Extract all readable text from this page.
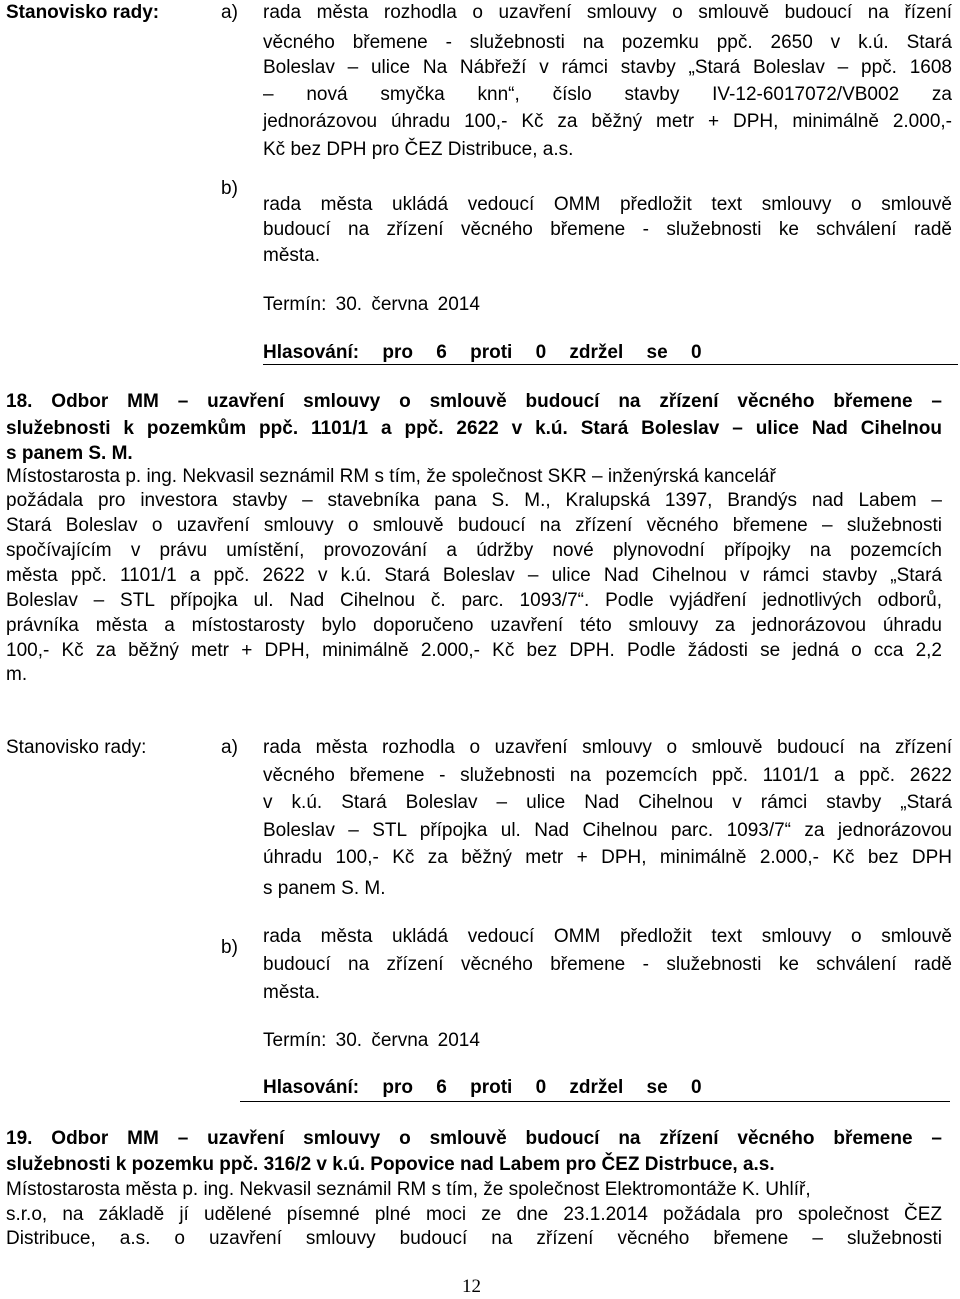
Stanovisko rady:	a) rada města rozhodla o uzavření smlouvy o smlouvě budoucí na řízení
věcného břemene - služebnosti na pozemku ppč. 2650 v k.ú. Stará
Boleslav – ulice Na Nábřeží v rámci stavby „Stará Boleslav – ppč. 1608
– nová smyčka knn“, číslo stavby IV-12-6017072/VB002 za
jednorázovou úhradu 100,- Kč za běžný metr + DPH, minimálně 2.000,-
Kč bez DPH pro ČEZ Distribuce, a.s.
b)
rada města ukládá vedoucí OMM předložit text smlouvy o smlouvě
budoucí na zřízení věcného břemene - služebnosti ke schválení radě
města.
Termín: 30. června 2014
Hlasování: pro 6 proti 0 zdržel se 0
18. Odbor MM – uzavření smlouvy o smlouvě budoucí na zřízení věcného břemene –
služebnosti k pozemkům ppč. 1101/1 a ppč. 2622 v k.ú. Stará Boleslav – ulice Nad Cihelnou
s panem S. M.
Místostarosta p. ing. Nekvasil seznámil RM s tím, že společnost SKR – inženýrská kancelář
požádala pro investora stavby – stavebníka pana S. M., Kralupská 1397, Brandýs nad Labem –
Stará Boleslav o uzavření smlouvy o smlouvě budoucí na zřízení věcného břemene – služebnosti
spočívajícím v právu umístění, provozování a údržby nové plynovodní přípojky na pozemcích
města ppč. 1101/1 a ppč. 2622 v k.ú. Stará Boleslav – ulice Nad Cihelnou v rámci stavby „Stará
Boleslav – STL přípojka ul. Nad Cihelnou č. parc. 1093/7“. Podle vyjádření jednotlivých odborů,
právníka města a místostarosty bylo doporučeno uzavření této smlouvy za jednorázovou úhradu
100,- Kč za běžný metr + DPH, minimálně 2.000,- Kč bez DPH. Podle žádosti se jedná o cca 2,2
m.
Stanovisko rady:	a) rada města rozhodla o uzavření smlouvy o smlouvě budoucí na zřízení
věcného břemene - služebnosti na pozemcích ppč. 1101/1 a ppč. 2622
v k.ú. Stará Boleslav – ulice Nad Cihelnou v rámci stavby „Stará
Boleslav – STL přípojka ul. Nad Cihelnou parc. 1093/7“ za jednorázovou
úhradu 100,- Kč za běžný metr + DPH, minimálně 2.000,- Kč bez DPH
s panem S. M.
b)
rada města ukládá vedoucí OMM předložit text smlouvy o smlouvě
budoucí na zřízení věcného břemene - služebnosti ke schválení radě
města.
Termín: 30. června 2014
Hlasování: pro 6 proti 0 zdržel se 0
19. Odbor MM – uzavření smlouvy o smlouvě budoucí na zřízení věcného břemene –
služebnosti k pozemku ppč. 316/2 v k.ú. Popovice nad Labem pro ČEZ Distrbuce, a.s.
Místostarosta města p. ing. Nekvasil seznámil RM s tím, že společnost Elektromontáže K. Uhlíř,
s.r.o, na základě jí udělené písemné plné moci ze dne 23.1.2014 požádala pro společnost ČEZ
Distribuce, a.s. o uzavření smlouvy budoucí na zřízení věcného břemene – služebnosti
12
